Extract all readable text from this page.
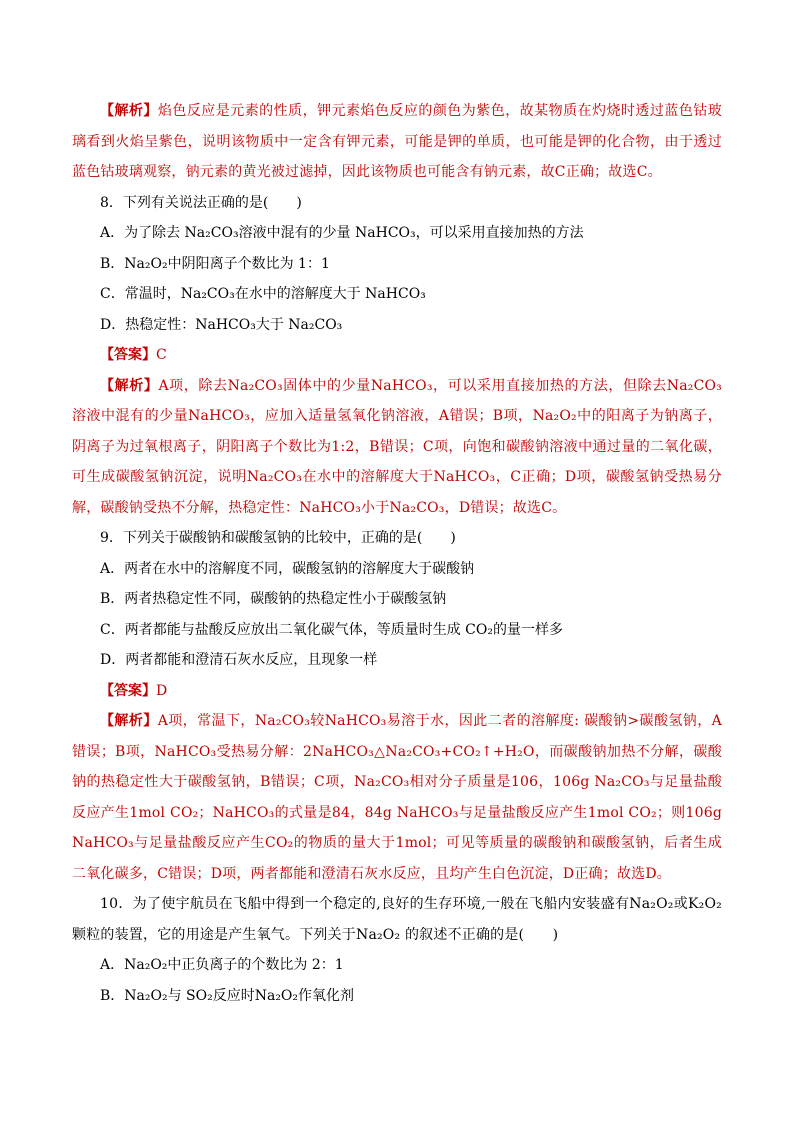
【解析】焰色反应是元素的性质，钾元素焰色反应的颜色为紫色，故某物质在灼烧时透过蓝色钴玻璃看到火焰呈紫色，说明该物质中一定含有钾元素，可能是钾的单质，也可能是钾的化合物，由于透过蓝色钴玻璃观察，钠元素的黄光被过滤掉，因此该物质也可能含有钠元素，故C正确；故选C。

8．下列有关说法正确的是(　　)

A．为了除去 Na₂CO₃溶液中混有的少量 NaHCO₃，可以采用直接加热的方法

B．Na₂O₂中阴阳离子个数比为 1：1

C．常温时，Na₂CO₃在水中的溶解度大于 NaHCO₃

D．热稳定性：NaHCO₃大于 Na₂CO₃

【答案】C

【解析】A项，除去Na₂CO₃固体中的少量NaHCO₃，可以采用直接加热的方法，但除去Na₂CO₃溶液中混有的少量NaHCO₃，应加入适量氢氧化钠溶液，A错误；B项，Na₂O₂中的阳离子为钠离子，阴离子为过氧根离子，阴阳离子个数比为1:2，B错误；C项，向饱和碳酸钠溶液中通过量的二氧化碳，可生成碳酸氢钠沉淀，说明Na₂CO₃在水中的溶解度大于NaHCO₃，C正确；D项，碳酸氢钠受热易分解，碳酸钠受热不分解，热稳定性：NaHCO₃小于Na₂CO₃，D错误；故选C。

9．下列关于碳酸钠和碳酸氢钠的比较中，正确的是(　　)

A．两者在水中的溶解度不同，碳酸氢钠的溶解度大于碳酸钠

B．两者热稳定性不同，碳酸钠的热稳定性小于碳酸氢钠

C．两者都能与盐酸反应放出二氧化碳气体，等质量时生成 CO₂的量一样多

D．两者都能和澄清石灰水反应，且现象一样

【答案】D

【解析】A项，常温下，Na₂CO₃较NaHCO₃易溶于水，因此二者的溶解度: 碳酸钠>碳酸氢钠，A错误；B项，NaHCO₃受热易分解：2NaHCO₃△Na₂CO₃+CO₂↑+H₂O，而碳酸钠加热不分解，碳酸钠的热稳定性大于碳酸氢钠，B错误；C项，Na₂CO₃相对分子质量是106，106g Na₂CO₃与足量盐酸反应产生1mol CO₂；NaHCO₃的式量是84，84g NaHCO₃与足量盐酸反应产生1mol CO₂；则106g NaHCO₃与足量盐酸反应产生CO₂的物质的量大于1mol；可见等质量的碳酸钠和碳酸氢钠，后者生成二氧化碳多，C错误；D项，两者都能和澄清石灰水反应，且均产生白色沉淀，D正确；故选D。

10．为了使宇航员在飞船中得到一个稳定的,良好的生存环境,一般在飞船内安装盛有Na₂O₂或K₂O₂颗粒的装置，它的用途是产生氧气。下列关于Na₂O₂ 的叙述不正确的是(　　)

A．Na₂O₂中正负离子的个数比为 2：1

B．Na₂O₂与 SO₂反应时Na₂O₂作氧化剂
